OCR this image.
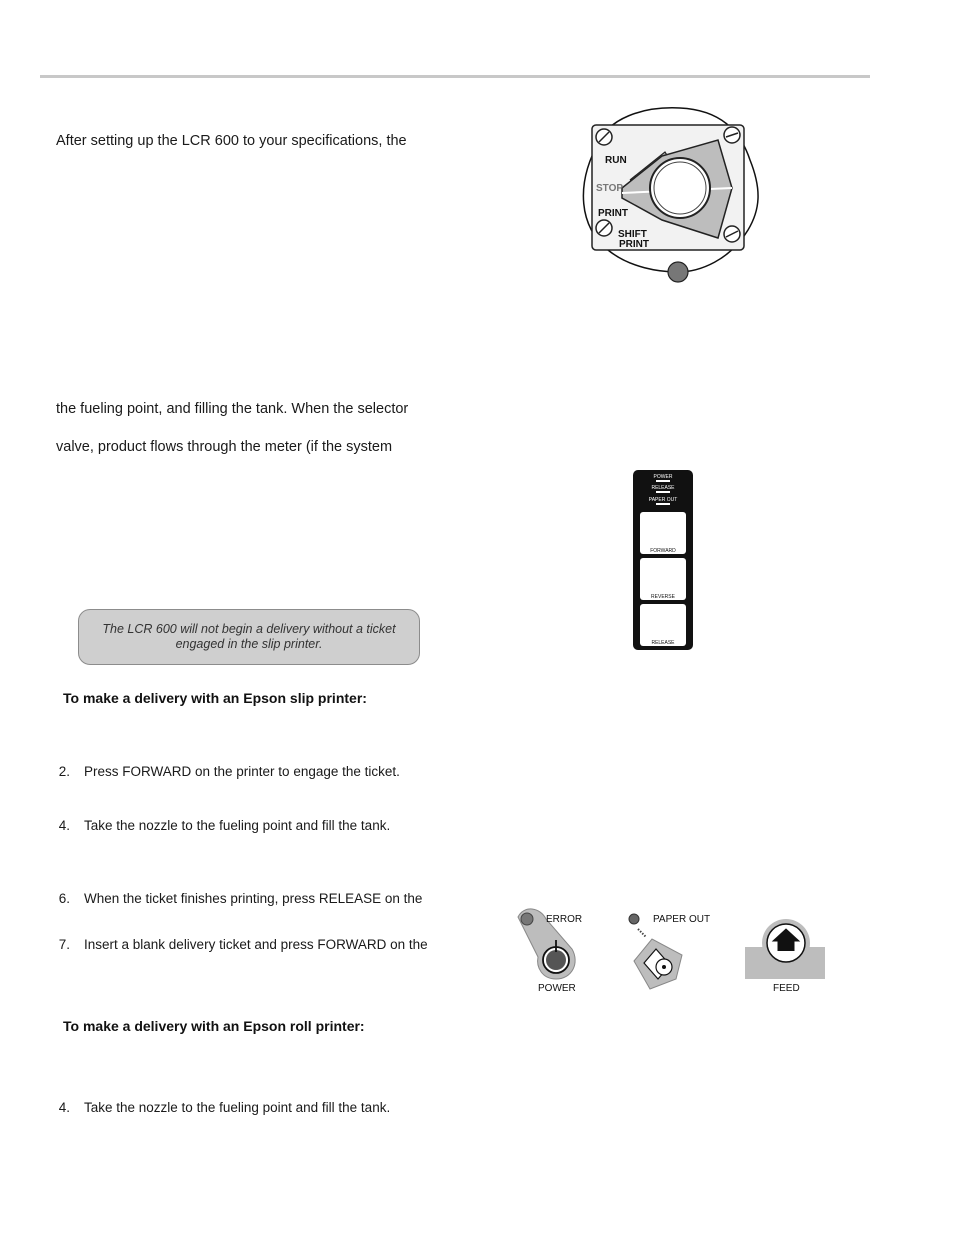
After setting up the LCR 600 to your specifications, the
the fueling point, and filling the tank. When the selector
valve, product flows through the meter (if the system
The LCR 600 will not begin a delivery without a ticket
engaged in the slip printer.
To make a delivery with an Epson slip printer:
2. Press FORWARD on the printer to engage the ticket.
4. Take the nozzle to the fueling point and fill the tank.
6. When the ticket finishes printing, press RELEASE on the
7. Insert a blank delivery ticket and press FORWARD on the
To make a delivery with an Epson roll printer:
4. Take the nozzle to the fueling point and fill the tank.
RUN
STOP
PRINT
SHIFT
PRINT
POWER
RELEASE
PAPER OUT
FORWARD
REVERSE
RELEASE
ERROR
POWER
PAPER OUT
FEED
